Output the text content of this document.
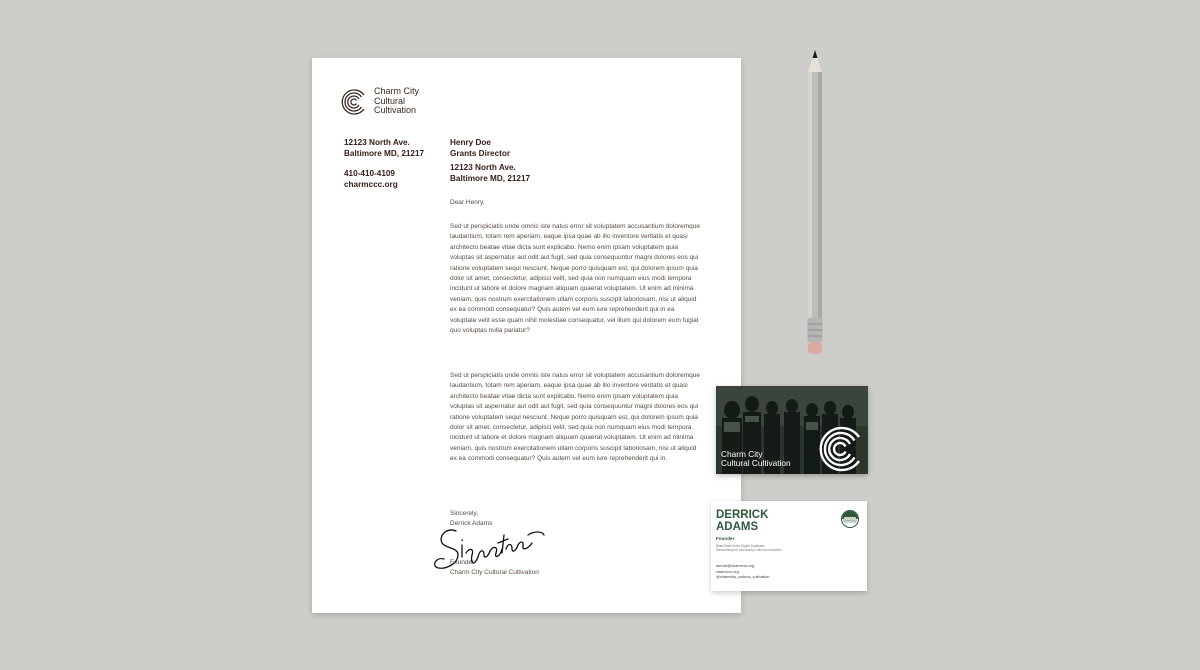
Charm City
Cultural
Cultivation
12123 North Ave.
Baltimore MD, 21217
410-410-4109
charmccc.org
Henry Doe
Grants Director
12123 North Ave.
Baltimore MD, 21217
Dear Henry,
Sed ut perspiciatis unde omnis iste natus error sit voluptatem accusantium doloremque laudantium, totam rem aperiam, eaque ipsa quae ab illo inventore veritatis et quasi architecto beatae vitae dicta sunt explicabo. Nemo enim ipsam voluptatem quia voluptas sit aspernatur aut odit aut fugit, sed quia consequuntur magni dolores eos qui ratione voluptatem sequi nesciunt. Neque porro quisquam est, qui dolorem ipsum quia dolor sit amet, consectetur, adipisci velit, sed quia non numquam eius modi tempora incidunt ut labore et dolore magnam aliquam quaerat voluptatem. Ut enim ad minima veniam, quis nostrum exercitationem ullam corporis suscipit laboriosam, nisi ut aliquid ex ea commodi consequatur? Quis autem vel eum iure reprehenderit qui in ea voluptate velit esse quam nihil molestiae consequatur, vel illum qui dolorem eum fugiat quo voluptas nulla pariatur?
Sed ut perspiciatis unde omnis iste natus error sit voluptatem accusantium doloremque laudantium, totam rem aperiam, eaque ipsa quae ab illo inventore veritatis et quasi architecto beatae vitae dicta sunt explicabo. Nemo enim ipsam voluptatem quia voluptas sit aspernatur aut odit aut fugit, sed quia consequuntur magni dolores eos qui ratione voluptatem sequi nesciunt. Neque porro quisquam est, qui dolorem ipsum quia dolor sit amet, consectetur, adipisci velit, sed quia non numquam eius modi tempora incidunt ut labore et dolore magnam aliquam quaerat voluptatem. Ut enim ad minima veniam, quis nostrum exercitationem ullam corporis suscipit laboriosam, nisi ut aliquid ex ea commodi consequatur? Quis autem vel eum iure reprehenderit qui in.
Sincerely,
Derrick Adams
Founder
Charm City Cultural Cultivation
Charm City
Cultural Cultivation
DERRICK
ADAMS
Founder
Black Bald Holes Digital Database
Stewardship for community cultural production
derrick@charmccc.org
charmccc.org
@charmcity_cultural_cultivation
CCCC
